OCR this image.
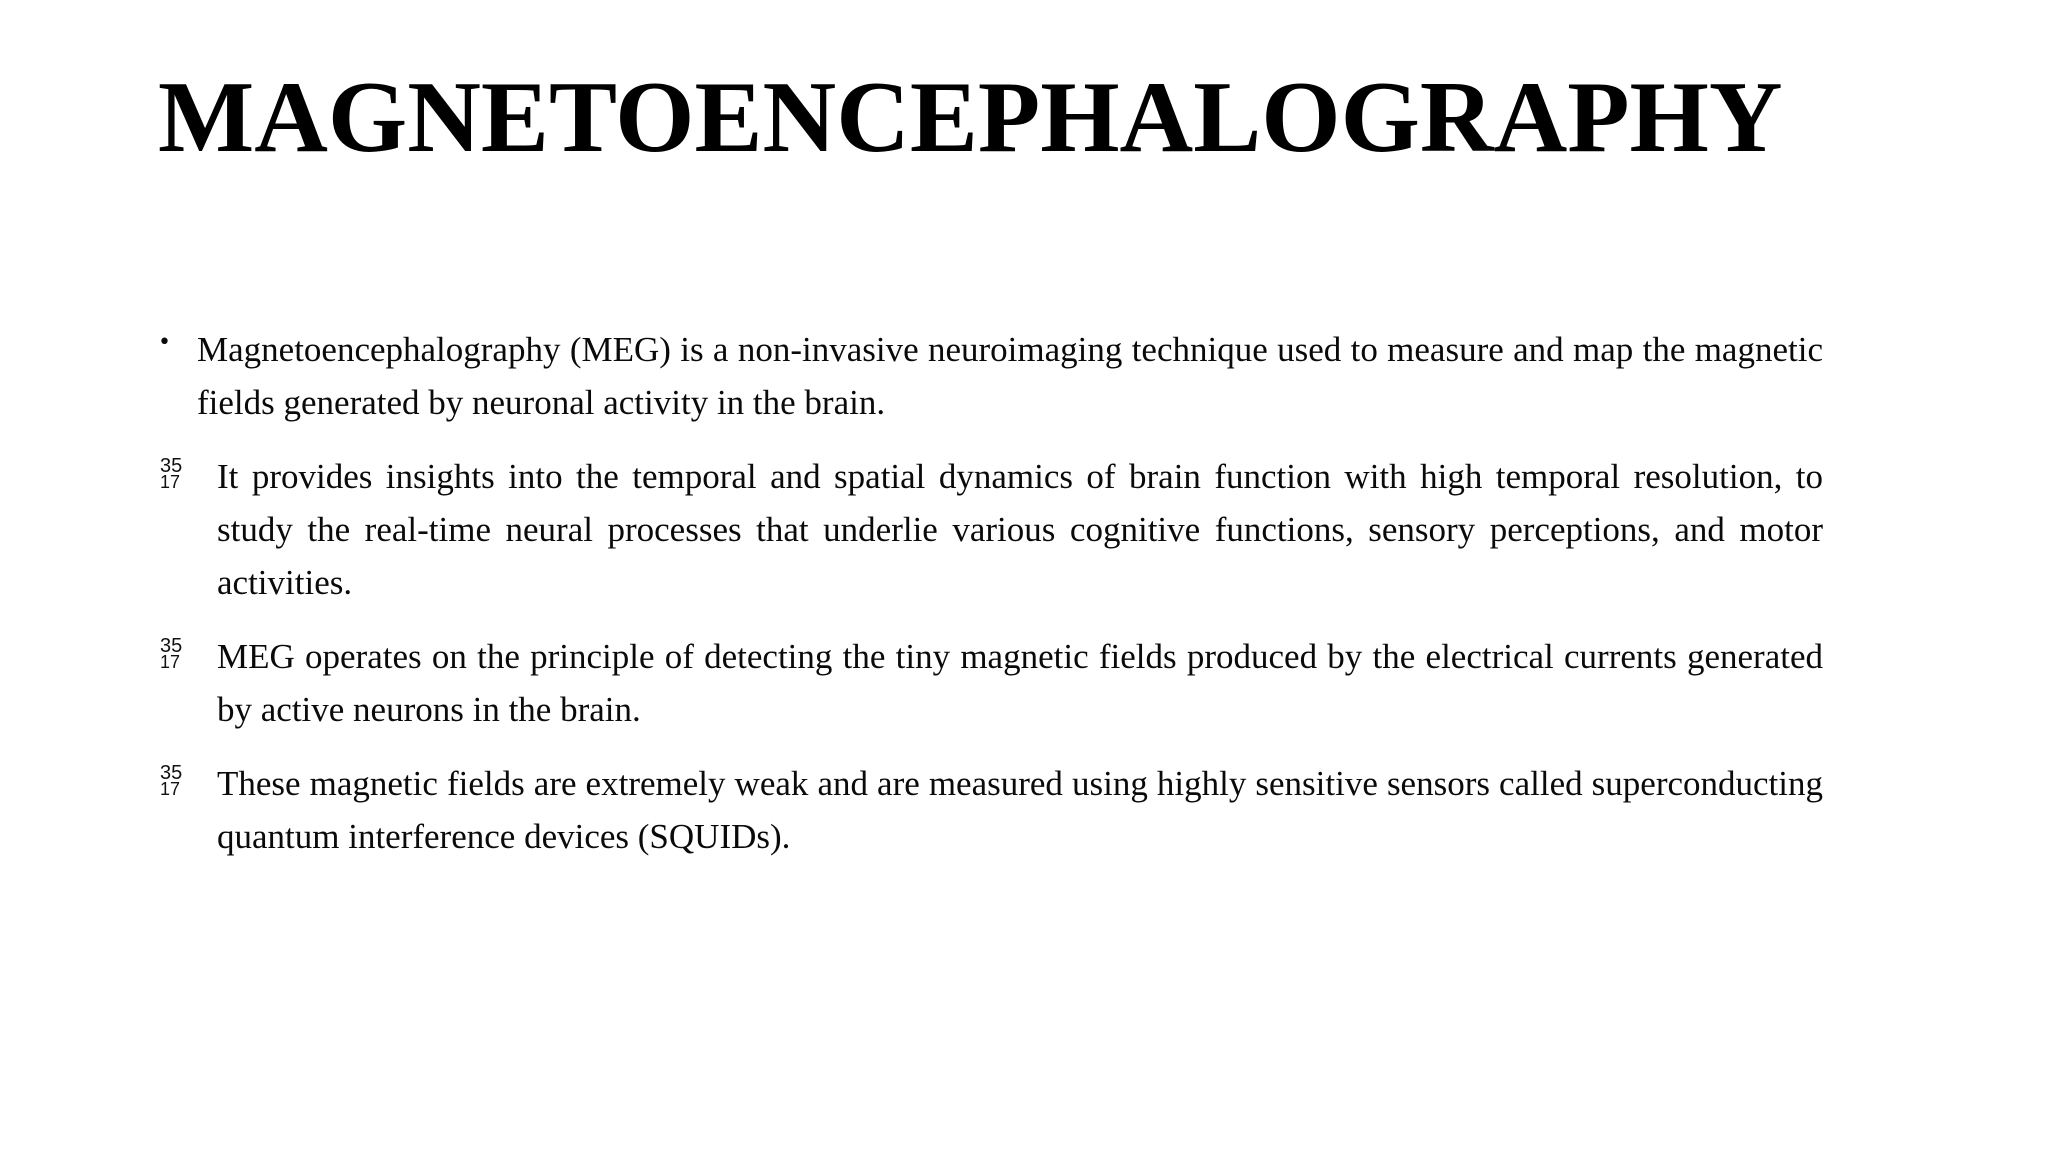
MAGNETOENCEPHALOGRAPHY
• Magnetoencephalography (MEG) is a non-invasive neuroimaging technique used to measure and map the magnetic fields generated by neuronal activity in the brain.
35
17 It provides insights into the temporal and spatial dynamics of brain function with high temporal resolution, to study the real-time neural processes that underlie various cognitive functions, sensory perceptions, and motor activities.
35
17 MEG operates on the principle of detecting the tiny magnetic fields produced by the electrical currents generated by active neurons in the brain.
35
17 These magnetic fields are extremely weak and are measured using highly sensitive sensors called superconducting quantum interference devices (SQUIDs).
